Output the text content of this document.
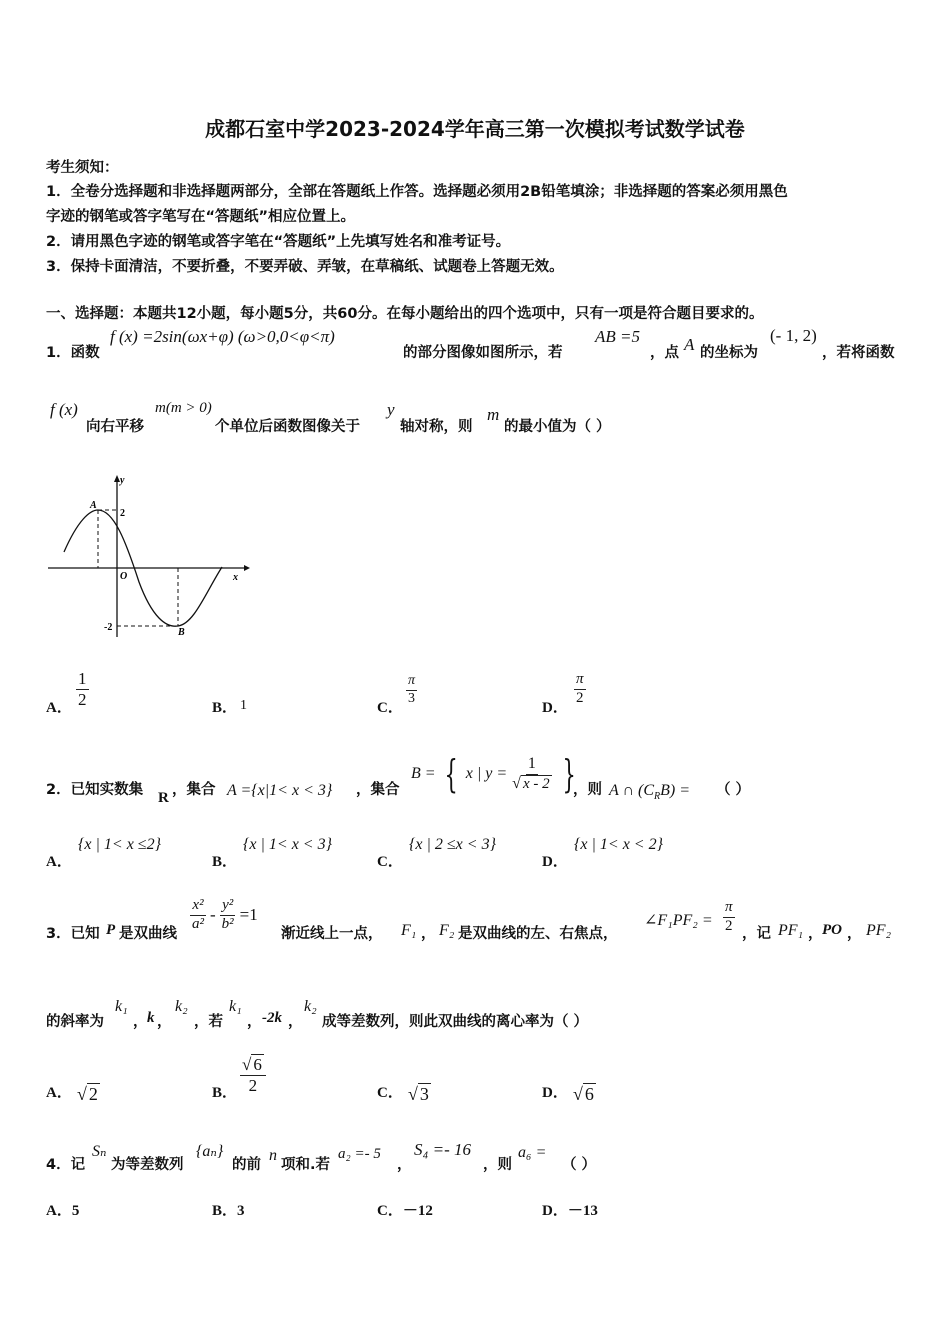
成都石室中学2023-2024学年高三第一次模拟考试数学试卷
考生须知：
1．全卷分选择题和非选择题两部分，全部在答题纸上作答。选择题必须用2B铅笔填涂；非选择题的答案必须用黑色
字迹的钢笔或答字笔写在“答题纸”相应位置上。
2．请用黑色字迹的钢笔或答字笔在“答题纸”上先填写姓名和准考证号。
3．保持卡面清洁，不要折叠，不要弄破、弄皱，在草稿纸、试题卷上答题无效。
一、选择题：本题共12小题，每小题5分，共60分。在每小题给出的四个选项中，只有一项是符合题目要求的。
1．函数
f (x) =2sin(ωx+φ) (ω>0,0<φ<π)
的部分图像如图所示，若
AB =5
，点 A 的坐标为
(- 1, 2)
，若将函数
f (x)
向右平移
m(m > 0)
个单位后函数图像关于
y
轴对称，则
m
的最小值为（ ）
A
2
O	x
y
-2	B
A． $\frac{1}{2}$	B． 1	C．
$\frac{\pi}{3}$
D．
$\frac{\pi}{2}$
2．已知实数集 R ，集合 A ={x|1< x < 3} ，集合
B = { x | $y = \frac{1}{√ x - 2}$ }
，则 A ∩ $(C_RB)$ = （ ）
A．
{x | 1< x ≤2}
B．
{x | 1< x < 3}
C．
{x | 2 ≤x < 3}
D．
{x | 1< x < 2}
3．已知 P 是双曲线
$\frac{\text{x²}}{\text{a²}} - \frac{\text{y²}}{\text{b²}} =1$
渐近线上一点， F₁ ， F₂ 是双曲线的左、右焦点，
∠F₁PF₂ = $\frac{\pi}{2}$ ，记 PF₁ ， PO ， PF₂
的斜率为
k₁
， k ，
k₂
，若
k₁
， -2k ，
k₂
成等差数列，则此双曲线的离心率为（ ）
A． √ 2	B． $\frac{√ 6}{2}$	C． √ 3	D． √ 6
4．记
Sₙ
为等差数列
{aₙ}
的前
n
项和.若
a₂ =- 5
，
S₄ =- 16
，则
a₆ =
（ ）
A．5	B．3	C．－12	D．－13
